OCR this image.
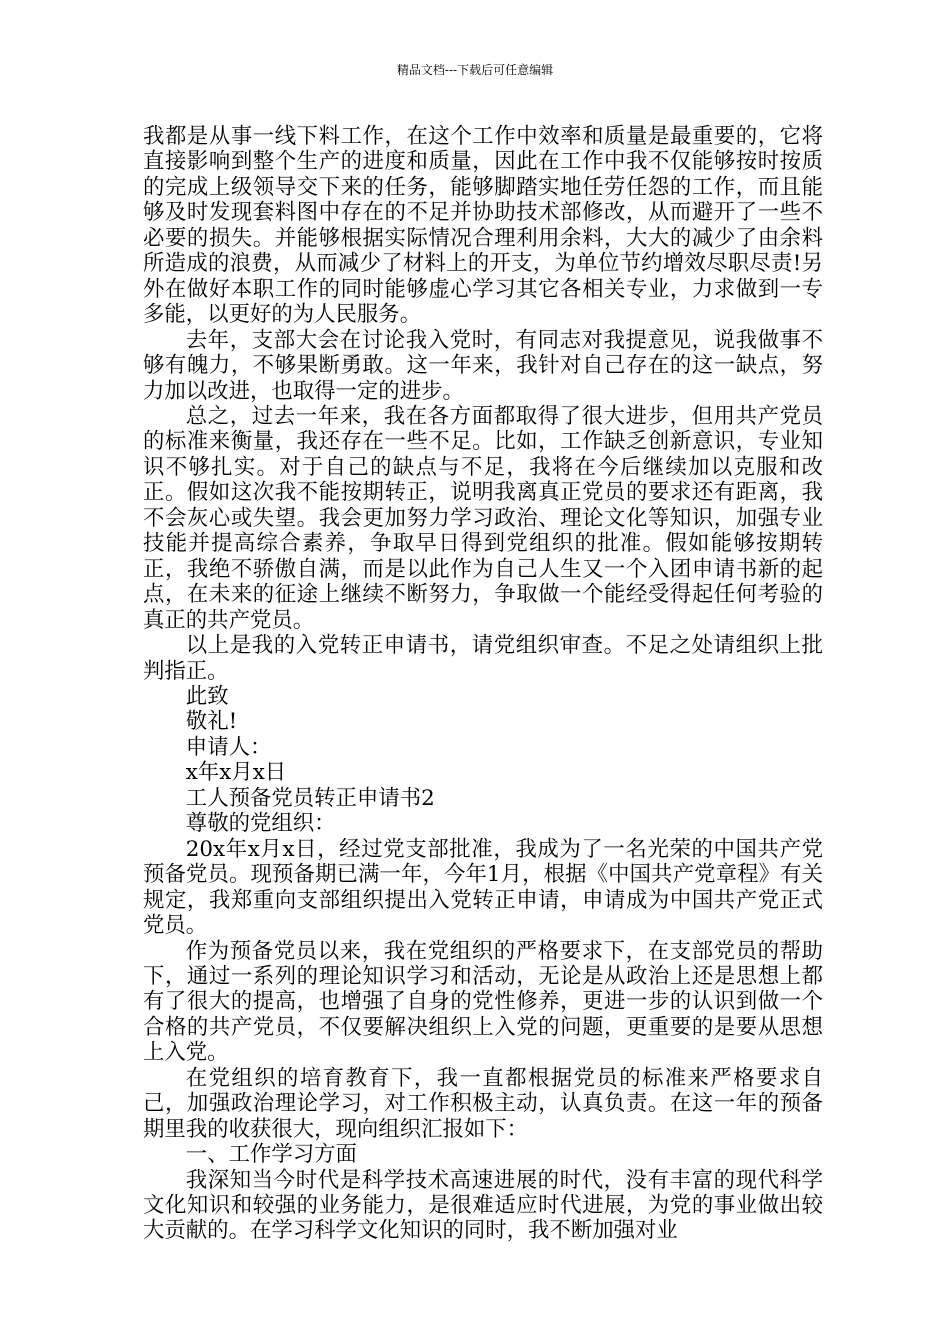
精品文档---下载后可任意编辑

我都是从事一线下料工作，在这个工作中效率和质量是最重要的，它将直接影响到整个生产的进度和质量，因此在工作中我不仅能够按时按质的完成上级领导交下来的任务，能够脚踏实地任劳任怨的工作，而且能够及时发现套料图中存在的不足并协助技术部修改，从而避开了一些不必要的损失。并能够根据实际情况合理利用余料，大大的减少了由余料所造成的浪费，从而减少了材料上的开支，为单位节约增效尽职尽责!另外在做好本职工作的同时能够虚心学习其它各相关专业，力求做到一专多能，以更好的为人民服务。

去年，支部大会在讨论我入党时，有同志对我提意见，说我做事不够有魄力，不够果断勇敢。这一年来，我针对自己存在的这一缺点，努力加以改进，也取得一定的进步。

总之，过去一年来，我在各方面都取得了很大进步，但用共产党员的标准来衡量，我还存在一些不足。比如，工作缺乏创新意识，专业知识不够扎实。对于自己的缺点与不足，我将在今后继续加以克服和改正。假如这次我不能按期转正，说明我离真正党员的要求还有距离，我不会灰心或失望。我会更加努力学习政治、理论文化等知识，加强专业技能并提高综合素养，争取早日得到党组织的批准。假如能够按期转正，我绝不骄傲自满，而是以此作为自己人生又一个入团申请书新的起点，在未来的征途上继续不断努力，争取做一个能经受得起任何考验的真正的共产党员。

以上是我的入党转正申请书，请党组织审查。不足之处请组织上批判指正。

此致

敬礼!

申请人：

x年x月x日

工人预备党员转正申请书2

尊敬的党组织：

20x年x月x日，经过党支部批准，我成为了一名光荣的中国共产党预备党员。现预备期已满一年，今年1月，根据《中国共产党章程》有关规定，我郑重向支部组织提出入党转正申请，申请成为中国共产党正式党员。

作为预备党员以来，我在党组织的严格要求下，在支部党员的帮助下，通过一系列的理论知识学习和活动，无论是从政治上还是思想上都有了很大的提高，也增强了自身的党性修养，更进一步的认识到做一个合格的共产党员，不仅要解决组织上入党的问题，更重要的是要从思想上入党。

在党组织的培育教育下，我一直都根据党员的标准来严格要求自己，加强政治理论学习，对工作积极主动，认真负责。在这一年的预备期里我的收获很大，现向组织汇报如下：

一、工作学习方面

我深知当今时代是科学技术高速进展的时代，没有丰富的现代科学文化知识和较强的业务能力，是很难适应时代进展，为党的事业做出较大贡献的。在学习科学文化知识的同时，我不断加强对业
